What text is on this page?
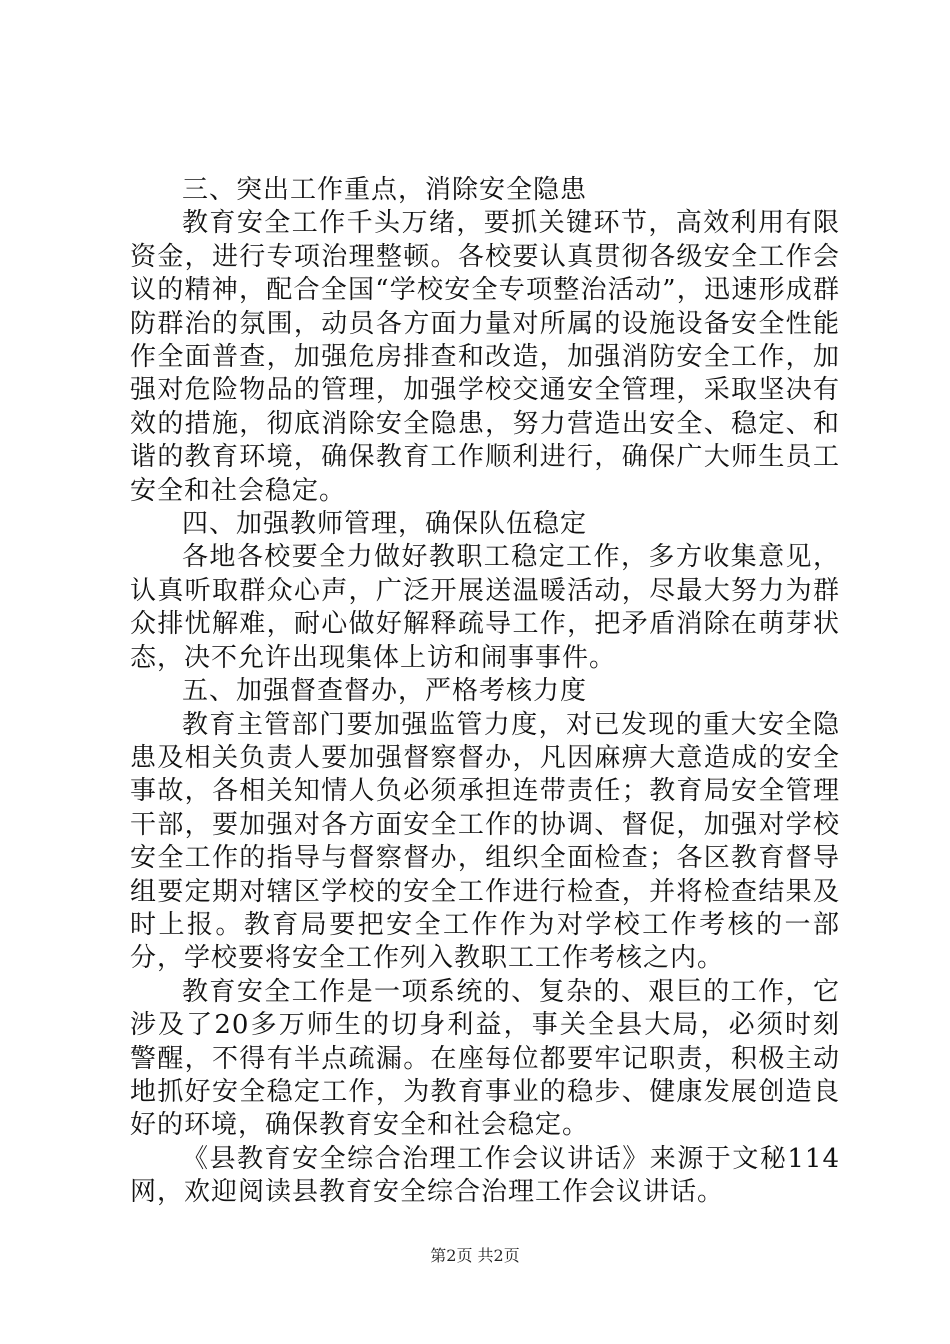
三、突出工作重点，消除安全隐患

教育安全工作千头万绪，要抓关键环节，高效利用有限资金，进行专项治理整顿。各校要认真贯彻各级安全工作会议的精神，配合全国“学校安全专项整治活动”，迅速形成群防群治的氛围，动员各方面力量对所属的设施设备安全性能作全面普查，加强危房排查和改造，加强消防安全工作，加强对危险物品的管理，加强学校交通安全管理，采取坚决有效的措施，彻底消除安全隐患，努力营造出安全、稳定、和谐的教育环境，确保教育工作顺利进行，确保广大师生员工安全和社会稳定。

四、加强教师管理，确保队伍稳定

各地各校要全力做好教职工稳定工作，多方收集意见，认真听取群众心声，广泛开展送温暖活动，尽最大努力为群众排忧解难，耐心做好解释疏导工作，把矛盾消除在萌芽状态，决不允许出现集体上访和闹事事件。

五、加强督查督办，严格考核力度

教育主管部门要加强监管力度，对已发现的重大安全隐患及相关负责人要加强督察督办，凡因麻痹大意造成的安全事故，各相关知情人负必须承担连带责任；教育局安全管理干部，要加强对各方面安全工作的协调、督促，加强对学校安全工作的指导与督察督办，组织全面检查；各区教育督导组要定期对辖区学校的安全工作进行检查，并将检查结果及时上报。教育局要把安全工作作为对学校工作考核的一部分，学校要将安全工作列入教职工工作考核之内。

教育安全工作是一项系统的、复杂的、艰巨的工作，它涉及了20多万师生的切身利益，事关全县大局，必须时刻警醒，不得有半点疏漏。在座每位都要牢记职责，积极主动地抓好安全稳定工作，为教育事业的稳步、健康发展创造良好的环境，确保教育安全和社会稳定。

《县教育安全综合治理工作会议讲话》来源于文秘114网，欢迎阅读县教育安全综合治理工作会议讲话。

第2页 共2页
